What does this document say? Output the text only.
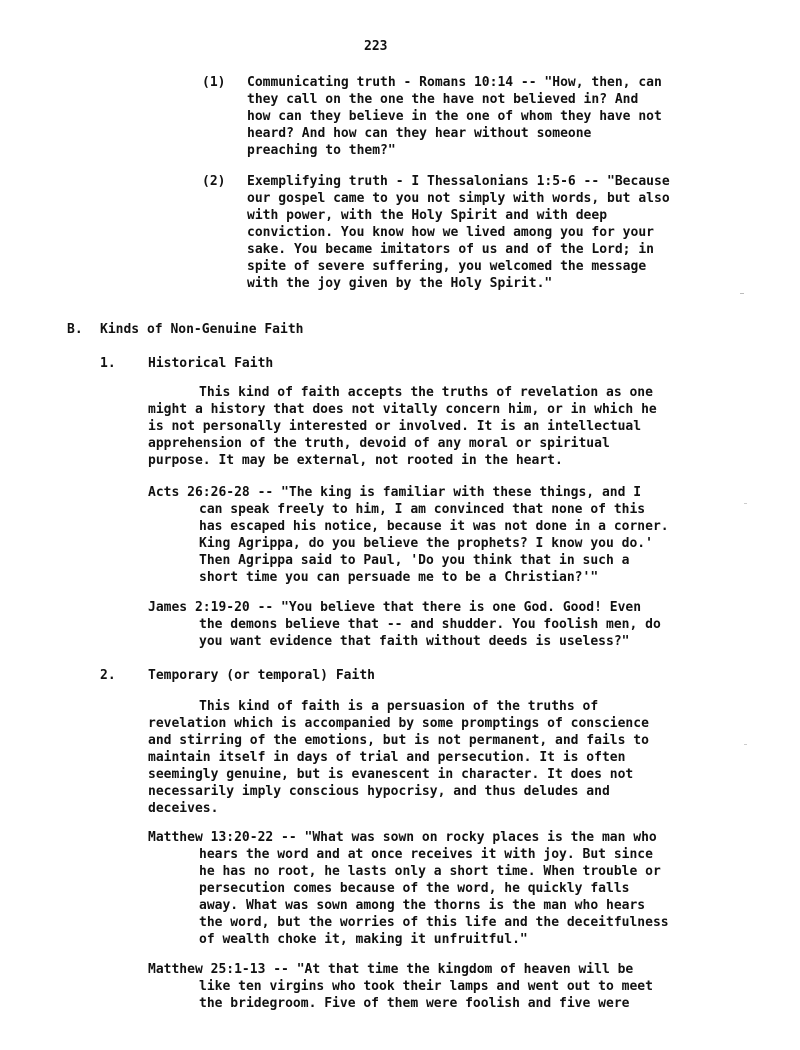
223
(1) Communicating truth - Romans 10:14 -- "How, then, can
they call on the one the have not believed in? And
how can they believe in the one of whom they have not
heard? And how can they hear without someone
preaching to them?"
(2) Exemplifying truth - I Thessalonians 1:5-6 -- "Because
our gospel came to you not simply with words, but also
with power, with the Holy Spirit and with deep
conviction. You know how we lived among you for your
sake. You became imitators of us and of the Lord; in
spite of severe suffering, you welcomed the message
with the joy given by the Holy Spirit."
B. Kinds of Non-Genuine Faith
1. Historical Faith
This kind of faith accepts the truths of revelation as one
might a history that does not vitally concern him, or in which he
is not personally interested or involved. It is an intellectual
apprehension of the truth, devoid of any moral or spiritual
purpose. It may be external, not rooted in the heart.
Acts 26:26-28 -- "The king is familiar with these things, and I
can speak freely to him, I am convinced that none of this
has escaped his notice, because it was not done in a corner.
King Agrippa, do you believe the prophets? I know you do.'
Then Agrippa said to Paul, 'Do you think that in such a
short time you can persuade me to be a Christian?'"
James 2:19-20 -- "You believe that there is one God. Good! Even
the demons believe that -- and shudder. You foolish men, do
you want evidence that faith without deeds is useless?"
2. Temporary (or temporal) Faith
This kind of faith is a persuasion of the truths of
revelation which is accompanied by some promptings of conscience
and stirring of the emotions, but is not permanent, and fails to
maintain itself in days of trial and persecution. It is often
seemingly genuine, but is evanescent in character. It does not
necessarily imply conscious hypocrisy, and thus deludes and
deceives.
Matthew 13:20-22 -- "What was sown on rocky places is the man who
hears the word and at once receives it with joy. But since
he has no root, he lasts only a short time. When trouble or
persecution comes because of the word, he quickly falls
away. What was sown among the thorns is the man who hears
the word, but the worries of this life and the deceitfulness
of wealth choke it, making it unfruitful."
Matthew 25:1-13 -- "At that time the kingdom of heaven will be
like ten virgins who took their lamps and went out to meet
the bridegroom. Five of them were foolish and five were
